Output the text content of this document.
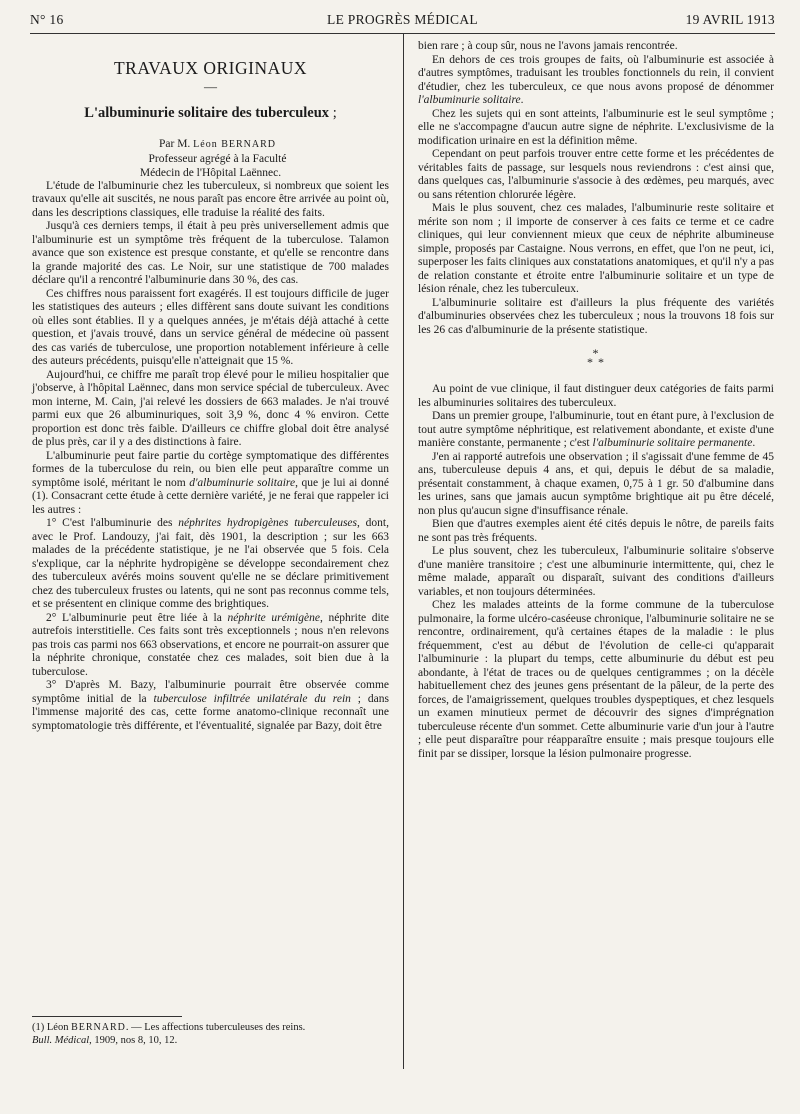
N° 16	LE PROGRÈS MÉDICAL	19 AVRIL 1913
TRAVAUX ORIGINAUX
—
L'albuminurie solitaire des tuberculeux ;

Par M. Léon BERNARD

Professeur agrégé à la Faculté
Médecin de l'Hôpital Laënnec.

L'étude de l'albuminurie chez les tuberculeux, si nombreux que soient les travaux qu'elle ait suscités, ne nous paraît pas encore être arrivée au point où, dans les descriptions classiques, elle traduise la réalité des faits.

Jusqu'à ces derniers temps, il était à peu près universellement admis que l'albuminurie est un symptôme très fréquent de la tuberculose. Talamon avance que son existence est presque constante, et qu'elle se rencontre dans la grande majorité des cas. Le Noir, sur une statistique de 700 malades déclare qu'il a rencontré l'albuminurie dans 30 %, des cas.

Ces chiffres nous paraissent fort exagérés. Il est toujours difficile de juger les statistiques des auteurs ; elles diffèrent sans doute suivant les conditions où elles sont établies. Il y a quelques années, je m'étais déjà attaché à cette question, et j'avais trouvé, dans un service général de médecine où passent des cas variés de tuberculose, une proportion notablement inférieure à celle des auteurs précédents, puisqu'elle n'atteignait que 15 %.

Aujourd'hui, ce chiffre me paraît trop élevé pour le milieu hospitalier que j'observe, à l'hôpital Laënnec, dans mon service spécial de tuberculeux. Avec mon interne, M. Cain, j'ai relevé les dossiers de 663 malades. Je n'ai trouvé parmi eux que 26 albuminuriques, soit 3,9 %, donc 4 % environ. Cette proportion est donc très faible. D'ailleurs ce chiffre global doit être analysé de plus près, car il y a des distinctions à faire.

L'albuminurie peut faire partie du cortège symptomatique des différentes formes de la tuberculose du rein, ou bien elle peut apparaître comme un symptôme isolé, méritant le nom d'albuminurie solitaire, que je lui ai donné (1). Consacrant cette étude à cette dernière variété, je ne ferai que rappeler ici les autres :

1° C'est l'albuminurie des néphrites hydropigènes tuberculeuses, dont, avec le Prof. Landouzy, j'ai fait, dès 1901, la description ; sur les 663 malades de la précédente statistique, je ne l'ai observée que 5 fois. Cela s'explique, car la néphrite hydropigène se développe secondairement chez des tuberculeux avérés moins souvent qu'elle ne se déclare primitivement chez des tuberculeux frustes ou latents, qui ne sont pas reconnus comme tels, et se présentent en clinique comme des brightiques.

2° L'albuminurie peut être liée à la néphrite urémigène, néphrite dite autrefois interstitielle. Ces faits sont très exceptionnels ; nous n'en relevons pas trois cas parmi nos 663 observations, et encore ne pourrait-on assurer que la néphrite chronique, constatée chez ces malades, soit bien due à la tuberculose.

3° D'après M. Bazy, l'albuminurie pourrait être observée comme symptôme initial de la tuberculose infiltrée unilatérale du rein ; dans l'immense majorité des cas, cette forme anatomo-clinique reconnaît une symptomatologie très différente, et l'éventualité, signalée par Bazy, doit être

(1) Léon BERNARD. — Les affections tuberculeuses des reins.
Bull. Médical, 1909, nos 8, 10, 12.

bien rare ; à coup sûr, nous ne l'avons jamais rencontrée.

En dehors de ces trois groupes de faits, où l'albuminurie est associée à d'autres symptômes, traduisant les troubles fonctionnels du rein, il convient d'étudier, chez les tuberculeux, ce que nous avons proposé de dénommer l'albuminurie solitaire.

Chez les sujets qui en sont atteints, l'albuminurie est le seul symptôme ; elle ne s'accompagne d'aucun autre signe de néphrite. L'exclusivisme de la modification urinaire en est la définition même.

Cependant on peut parfois trouver entre cette forme et les précédentes de véritables faits de passage, sur lesquels nous reviendrons : c'est ainsi que, dans quelques cas, l'albuminurie s'associe à des œdèmes, peu marqués, avec ou sans rétention chlorurée légère.

Mais le plus souvent, chez ces malades, l'albuminurie reste solitaire et mérite son nom ; il importe de conserver à ces faits ce terme et ce cadre cliniques, qui leur conviennent mieux que ceux de néphrite albumineuse simple, proposés par Castaigne. Nous verrons, en effet, que l'on ne peut, ici, superposer les faits cliniques aux constatations anatomiques, et qu'il n'y a pas de relation constante et étroite entre l'albuminurie solitaire et un type de lésion rénale, chez les tuberculeux.

L'albuminurie solitaire est d'ailleurs la plus fréquente des variétés d'albuminuries observées chez les tuberculeux ; nous la trouvons 18 fois sur les 26 cas d'albuminurie de la présente statistique.

*
* *

Au point de vue clinique, il faut distinguer deux catégories de faits parmi les albuminuries solitaires des tuberculeux.

Dans un premier groupe, l'albuminurie, tout en étant pure, à l'exclusion de tout autre symptôme néphritique, est relativement abondante, et existe d'une manière constante, permanente ; c'est l'albuminurie solitaire permanente.

J'en ai rapporté autrefois une observation ; il s'agissait d'une femme de 45 ans, tuberculeuse depuis 4 ans, et qui, depuis le début de sa maladie, présentait constamment, à chaque examen, 0,75 à 1 gr. 50 d'albumine dans les urines, sans que jamais aucun symptôme brightique ait pu être décelé, non plus qu'aucun signe d'insuffisance rénale.

Bien que d'autres exemples aient été cités depuis le nôtre, de pareils faits ne sont pas très fréquents.

Le plus souvent, chez les tuberculeux, l'albuminurie solitaire s'observe d'une manière transitoire ; c'est une albuminurie intermittente, qui, chez le même malade, apparaît ou disparaît, suivant des conditions d'ailleurs variables, et non toujours déterminées.

Chez les malades atteints de la forme commune de la tuberculose pulmonaire, la forme ulcéro-caséeuse chronique, l'albuminurie solitaire ne se rencontre, ordinairement, qu'à certaines étapes de la maladie : le plus fréquemment, c'est au début de l'évolution de celle-ci qu'apparait l'albuminurie : la plupart du temps, cette albuminurie du début est peu abondante, à l'état de traces ou de quelques centigrammes ; on la décèle habituellement chez des jeunes gens présentant de la pâleur, de la perte des forces, de l'amaigrissement, quelques troubles dyspeptiques, et chez lesquels un examen minutieux permet de découvrir des signes d'imprégnation tuberculeuse récente d'un sommet. Cette albuminurie varie d'un jour à l'autre ; elle peut disparaître pour réapparaître ensuite ; mais presque toujours elle finit par se dissiper, lorsque la lésion pulmonaire progresse.
